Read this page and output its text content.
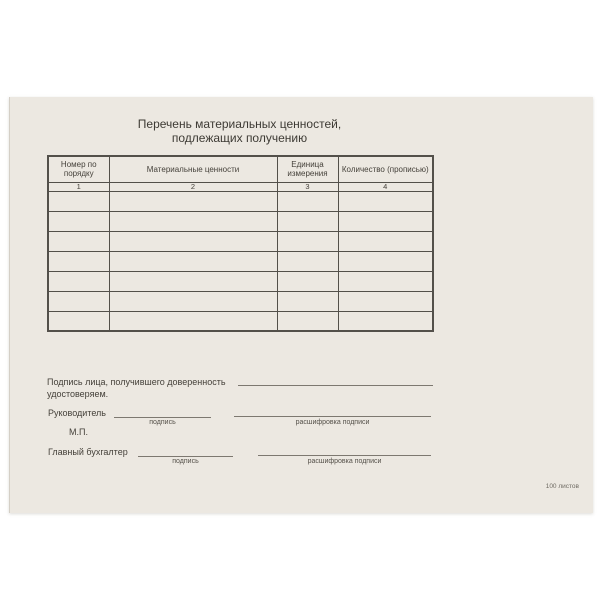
Перечень материальных ценностей,
подлежащих получению
Номер по порядку	Материальные ценности	Единица измерения	Количество (прописью)
1	2	3	4

Подпись лица, получившего доверенность
удостоверяем.
Руководитель
подпись	расшифровка подписи
М.П.
Главный бухгалтер
подпись	расшифровка подписи
100 листов
